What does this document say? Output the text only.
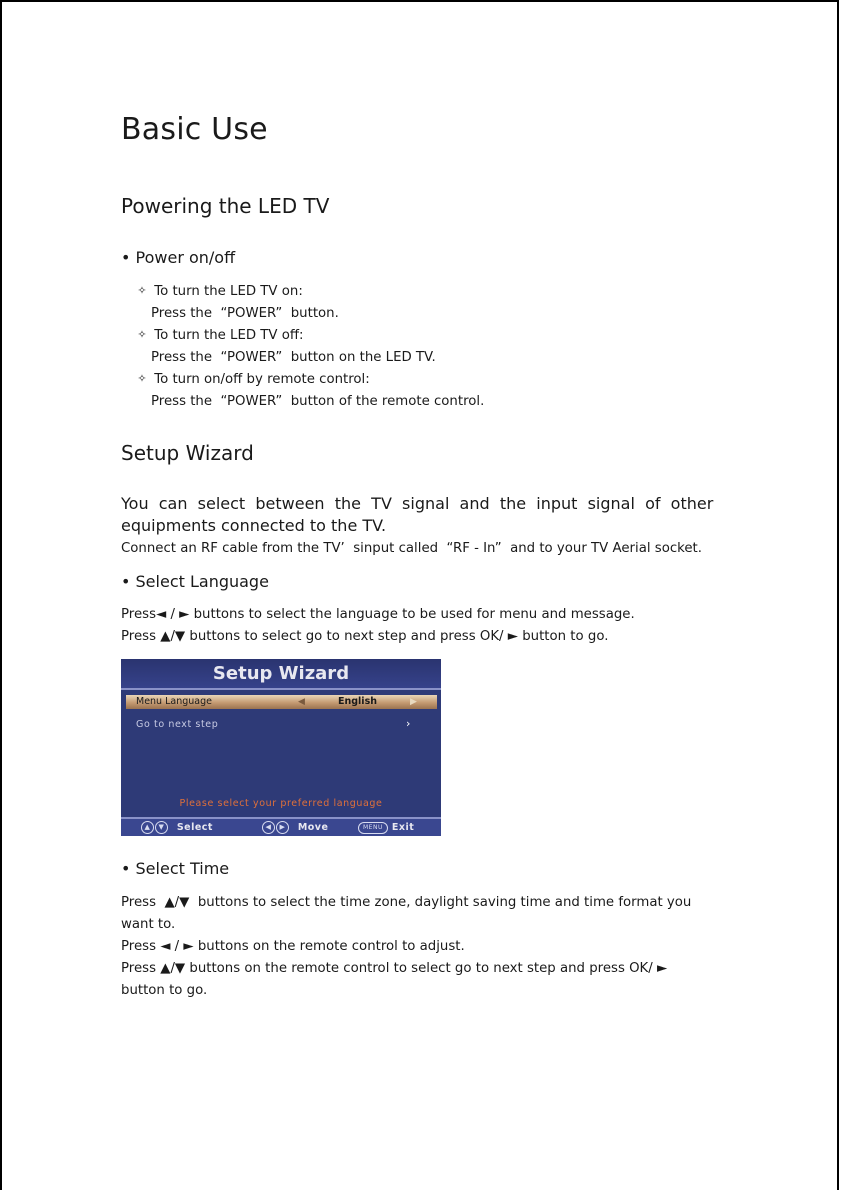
Basic Use
Powering the LED TV
• Power on/off
✧ To turn the LED TV on:
Press the  “POWER”  button.
✧ To turn the LED TV off:
Press the  “POWER”  button on the LED TV.
✧ To turn on/off by remote control:
Press the  “POWER”  button of the remote control.
Setup Wizard
You  can  select  between  the  TV  signal  and  the  input  signal  of  other
equipments connected to the TV.
Connect an RF cable from the TV’  sinput called  “RF - In”  and to your TV Aerial socket.
• Select Language
Press◄ / ► buttons to select the language to be used for menu and message.
Press ▲/▼ buttons to select go to next step and press OK/ ► button to go.
Setup Wizard
Menu Language	◀	English	▶
Go to next step	›
Please select your preferred language
▲ ▼ Select	◀ ▶ Move	MENU Exit
• Select Time
Press  ▲/▼  buttons to select the time zone, daylight saving time and time format you
want to.
Press ◄ / ► buttons on the remote control to adjust.
Press ▲/▼ buttons on the remote control to select go to next step and press OK/ ►
button to go.
